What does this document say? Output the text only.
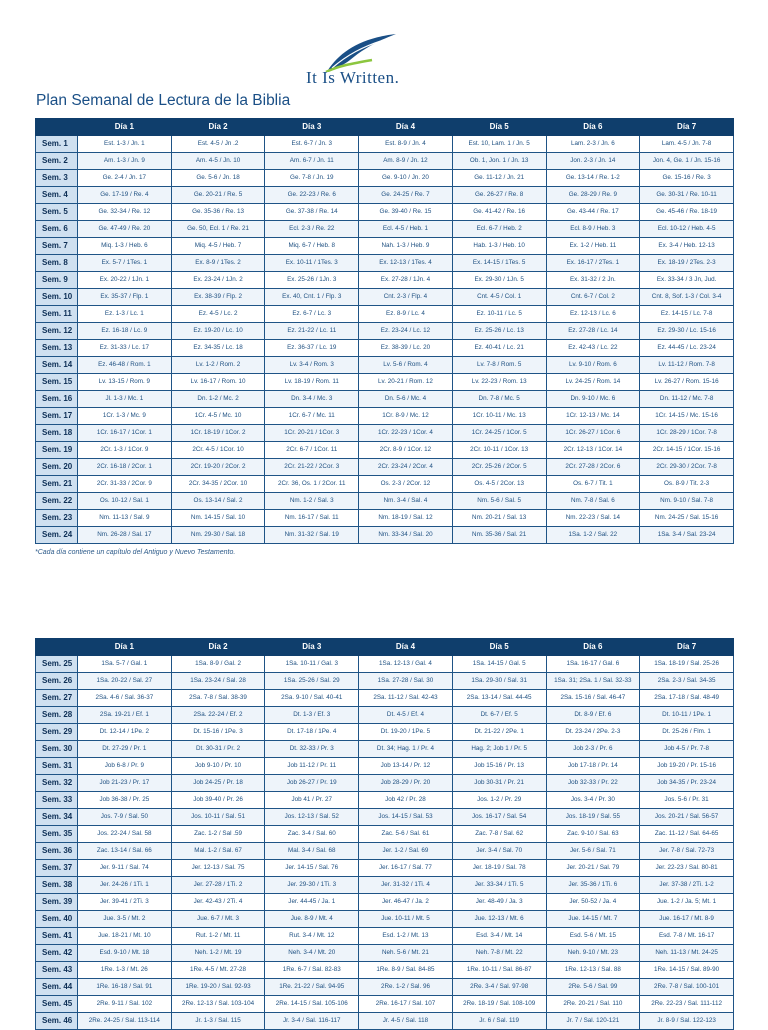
It Is Written.
Plan Semanal de Lectura de la Biblia
	Día 1	Día 2	Día 3	Día 4	Día 5	Día 6	Día 7
Sem. 1	Est. 1-3 / Jn. 1	Est. 4-5 / Jn .2	Est. 6-7 / Jn. 3	Est. 8-9 / Jn. 4	Est. 10, Lam. 1 / Jn. 5	Lam. 2-3 / Jn. 6	Lam. 4-5 / Jn. 7-8
Sem. 2	Am. 1-3 / Jn. 9	Am. 4-5 / Jn. 10	Am. 6-7 / Jn. 11	Am. 8-9 / Jn. 12	Ob. 1, Jon. 1 / Jn. 13	Jon. 2-3 / Jn. 14	Jon. 4, Ge. 1 / Jn. 15-16
Sem. 3	Ge. 2-4 / Jn. 17	Ge. 5-6 / Jn. 18	Ge. 7-8 / Jn. 19	Ge. 9-10 / Jn. 20	Ge. 11-12 / Jn. 21	Ge. 13-14 / Re. 1-2	Ge. 15-16 / Re. 3
Sem. 4	Ge. 17-19 / Re. 4	Ge. 20-21 / Re. 5	Ge. 22-23 / Re. 6	Ge. 24-25 / Re. 7	Ge. 26-27 / Re. 8	Ge. 28-29 / Re. 9	Ge. 30-31 / Re. 10-11
Sem. 5	Ge. 32-34 / Re. 12	Ge. 35-36 / Re. 13	Ge. 37-38 / Re. 14	Ge. 39-40 / Re. 15	Ge. 41-42 / Re. 16	Ge. 43-44 / Re. 17	Ge. 45-46 / Re. 18-19
Sem. 6	Ge. 47-49 / Re. 20	Ge. 50, Ecl. 1 / Re. 21	Ecl. 2-3 / Re. 22	Ecl. 4-5 / Heb. 1	Ecl. 6-7 / Heb. 2	Ecl. 8-9 / Heb. 3	Ecl. 10-12 / Heb. 4-5
Sem. 7	Miq. 1-3 / Heb. 6	Miq. 4-5 / Heb. 7	Miq. 6-7 / Heb. 8	Nah. 1-3 / Heb. 9	Hab. 1-3 / Heb. 10	Ex. 1-2 / Heb. 11	Ex. 3-4 / Heb. 12-13
Sem. 8	Ex. 5-7 / 1Tes. 1	Ex. 8-9 / 1Tes. 2	Ex. 10-11 / 1Tes. 3	Ex. 12-13 / 1Tes. 4	Ex. 14-15 / 1Tes. 5	Ex. 16-17 / 2Tes. 1	Ex. 18-19 / 2Tes. 2-3
Sem. 9	Ex. 20-22 / 1Jn. 1	Ex. 23-24 / 1Jn. 2	Ex. 25-26 / 1Jn. 3	Ex. 27-28 / 1Jn. 4	Ex. 29-30 / 1Jn. 5	Ex. 31-32 / 2 Jn.	Ex. 33-34 / 3 Jn, Jud.
Sem. 10	Ex. 35-37 / Flp. 1	Ex. 38-39 / Flp. 2	Ex. 40, Cnt. 1 / Flp. 3	Cnt. 2-3 / Flp. 4	Cnt. 4-5 / Col. 1	Cnt. 6-7 / Col. 2	Cnt. 8, Sof. 1-3 / Col. 3-4
Sem. 11	Ez. 1-3 / Lc. 1	Ez. 4-5 / Lc. 2	Ez. 6-7 / Lc. 3	Ez. 8-9 / Lc. 4	Ez. 10-11 / Lc. 5	Ez. 12-13 / Lc. 6	Ez. 14-15 / Lc. 7-8
Sem. 12	Ez. 16-18 / Lc. 9	Ez. 19-20 / Lc. 10	Ez. 21-22 / Lc. 11	Ez. 23-24 / Lc. 12	Ez. 25-26 / Lc. 13	Ez. 27-28 / Lc. 14	Ez. 29-30 / Lc. 15-16
Sem. 13	Ez. 31-33 / Lc. 17	Ez. 34-35 / Lc. 18	Ez. 36-37 / Lc. 19	Ez. 38-39 / Lc. 20	Ez. 40-41 / Lc. 21	Ez. 42-43 / Lc. 22	Ez. 44-45 / Lc. 23-24
Sem. 14	Ez. 46-48 / Rom. 1	Lv. 1-2 / Rom. 2	Lv. 3-4 / Rom. 3	Lv. 5-6 / Rom. 4	Lv. 7-8 / Rom. 5	Lv. 9-10 / Rom. 6	Lv. 11-12 / Rom. 7-8
Sem. 15	Lv. 13-15 / Rom. 9	Lv. 16-17 / Rom. 10	Lv. 18-19 / Rom. 11	Lv. 20-21 / Rom. 12	Lv. 22-23 / Rom. 13	Lv. 24-25 / Rom. 14	Lv. 26-27 / Rom. 15-16
Sem. 16	Jl. 1-3 / Mc. 1	Dn. 1-2 / Mc. 2	Dn. 3-4 / Mc. 3	Dn. 5-6 / Mc. 4	Dn. 7-8 / Mc. 5	Dn. 9-10 / Mc. 6	Dn. 11-12 / Mc. 7-8
Sem. 17	1Cr. 1-3 / Mc. 9	1Cr. 4-5 / Mc. 10	1Cr. 6-7 / Mc. 11	1Cr. 8-9 / Mc. 12	1Cr. 10-11 / Mc. 13	1Cr. 12-13 / Mc. 14	1Cr. 14-15 / Mc. 15-16
Sem. 18	1Cr. 16-17 / 1Cor. 1	1Cr. 18-19 / 1Cor. 2	1Cr. 20-21 / 1Cor. 3	1Cr. 22-23 / 1Cor. 4	1Cr. 24-25 / 1Cor. 5	1Cr. 26-27 / 1Cor. 6	1Cr. 28-29 / 1Cor. 7-8
Sem. 19	2Cr. 1-3 / 1Cor. 9	2Cr. 4-5 / 1Cor. 10	2Cr. 6-7 / 1Cor. 11	2Cr. 8-9 / 1Cor. 12	2Cr. 10-11 / 1Cor. 13	2Cr. 12-13 / 1Cor. 14	2Cr. 14-15 / 1Cor. 15-16
Sem. 20	2Cr. 16-18 / 2Cor. 1	2Cr. 19-20 / 2Cor. 2	2Cr. 21-22 / 2Cor. 3	2Cr. 23-24 / 2Cor. 4	2Cr. 25-26 / 2Cor. 5	2Cr. 27-28 / 2Cor. 6	2Cr. 29-30 / 2Cor. 7-8
Sem. 21	2Cr. 31-33 / 2Cor. 9	2Cr. 34-35 / 2Cor. 10	2Cr. 36, Os. 1 / 2Cor. 11	Os. 2-3 / 2Cor. 12	Os. 4-5 / 2Cor. 13	Os. 6-7 / Tit. 1	Os. 8-9 / Tit. 2-3
Sem. 22	Os. 10-12 / Sal. 1	Os. 13-14 / Sal. 2	Nm. 1-2 / Sal. 3	Nm. 3-4 / Sal. 4	Nm. 5-6 / Sal. 5	Nm. 7-8 / Sal. 6	Nm. 9-10 / Sal. 7-8
Sem. 23	Nm. 11-13 / Sal. 9	Nm. 14-15 / Sal. 10	Nm. 16-17 / Sal. 11	Nm. 18-19 / Sal. 12	Nm. 20-21 / Sal. 13	Nm. 22-23 / Sal. 14	Nm. 24-25 / Sal. 15-16
Sem. 24	Nm. 26-28 / Sal. 17	Nm. 29-30 / Sal. 18	Nm. 31-32 / Sal. 19	Nm. 33-34 / Sal. 20	Nm. 35-36 / Sal. 21	1Sa. 1-2 / Sal. 22	1Sa. 3-4 / Sal. 23-24
*Cada día contiene un capítulo del Antiguo y Nuevo Testamento.
	Día 1	Día 2	Día 3	Día 4	Día 5	Día 6	Día 7
Sem. 25	1Sa. 5-7 / Gal. 1	1Sa. 8-9 / Gal. 2	1Sa. 10-11 / Gal. 3	1Sa. 12-13 / Gal. 4	1Sa. 14-15 / Gal. 5	1Sa. 16-17 / Gal. 6	1Sa. 18-19 / Sal. 25-26
Sem. 26	1Sa. 20-22 / Sal. 27	1Sa. 23-24 / Sal. 28	1Sa. 25-26 / Sal. 29	1Sa. 27-28 / Sal. 30	1Sa. 29-30 / Sal. 31	1Sa. 31; 2Sa. 1 / Sal. 32-33	2Sa. 2-3 / Sal. 34-35
Sem. 27	2Sa. 4-6 / Sal. 36-37	2Sa. 7-8 / Sal. 38-39	2Sa. 9-10 / Sal. 40-41	2Sa. 11-12 / Sal. 42-43	2Sa. 13-14 / Sal. 44-45	2Sa. 15-16 / Sal. 46-47	2Sa. 17-18 / Sal. 48-49
Sem. 28	2Sa. 19-21 / Ef. 1	2Sa. 22-24 / Ef. 2	Dt. 1-3 / Ef. 3	Dt. 4-5 / Ef. 4	Dt. 6-7 / Ef. 5	Dt. 8-9 / Ef. 6	Dt. 10-11 / 1Pe. 1
Sem. 29	Dt. 12-14 / 1Pe. 2	Dt. 15-16 / 1Pe. 3	Dt. 17-18 / 1Pe. 4	Dt. 19-20 / 1Pe. 5	Dt. 21-22 / 2Pe. 1	Dt. 23-24 / 2Pe. 2-3	Dt. 25-26 / Flm. 1
Sem. 30	Dt. 27-29 / Pr. 1	Dt. 30-31 / Pr. 2	Dt. 32-33 / Pr. 3	Dt. 34; Hag. 1 / Pr. 4	Hag. 2; Job 1 / Pr. 5	Job 2-3 / Pr. 6	Job 4-5 / Pr. 7-8
Sem. 31	Job 6-8 / Pr. 9	Job 9-10 / Pr. 10	Job 11-12 / Pr. 11	Job 13-14 / Pr. 12	Job 15-16 / Pr. 13	Job 17-18 / Pr. 14	Job 19-20 / Pr. 15-16
Sem. 32	Job 21-23 / Pr. 17	Job 24-25 / Pr. 18	Job 26-27 / Pr. 19	Job 28-29 / Pr. 20	Job 30-31 / Pr. 21	Job 32-33 / Pr. 22	Job 34-35 / Pr. 23-24
Sem. 33	Job 36-38 / Pr. 25	Job 39-40 / Pr. 26	Job 41 / Pr. 27	Job 42 / Pr. 28	Jos. 1-2 / Pr. 29	Jos. 3-4 / Pr. 30	Jos. 5-6 / Pr. 31
Sem. 34	Jos. 7-9 / Sal. 50	Jos. 10-11 / Sal. 51	Jos. 12-13 / Sal. 52	Jos. 14-15 / Sal. 53	Jos. 16-17 / Sal. 54	Jos. 18-19 / Sal. 55	Jos. 20-21 / Sal. 56-57
Sem. 35	Jos. 22-24 / Sal. 58	Zac. 1-2 / Sal .59	Zac. 3-4 / Sal. 60	Zac. 5-6 / Sal. 61	Zac. 7-8 / Sal. 62	Zac. 9-10 / Sal. 63	Zac. 11-12 / Sal. 64-65
Sem. 36	Zac. 13-14 / Sal. 66	Mal. 1-2 / Sal. 67	Mal. 3-4 / Sal. 68	Jer. 1-2 / Sal. 69	Jer. 3-4 / Sal. 70	Jer. 5-6 / Sal. 71	Jer. 7-8 / Sal. 72-73
Sem. 37	Jer. 9-11 / Sal. 74	Jer. 12-13 / Sal. 75	Jer. 14-15 / Sal. 76	Jer. 16-17 / Sal. 77	Jer. 18-19 / Sal. 78	Jer. 20-21 / Sal. 79	Jer. 22-23 / Sal. 80-81
Sem. 38	Jer. 24-26 / 1Ti. 1	Jer. 27-28 / 1Ti. 2	Jer. 29-30 / 1Ti. 3	Jer. 31-32 / 1Ti. 4	Jer. 33-34 / 1Ti. 5	Jer. 35-36 / 1Ti. 6	Jer. 37-38 / 2Ti. 1-2
Sem. 39	Jer. 39-41 / 2Ti. 3	Jer. 42-43 / 2Ti. 4	Jer. 44-45 / Ja. 1	Jer. 46-47 / Ja. 2	Jer. 48-49 / Ja. 3	Jer. 50-52 / Ja. 4	Jue. 1-2 / Ja. 5; Mt. 1
Sem. 40	Jue. 3-5 / Mt. 2	Jue. 6-7 / Mt. 3	Jue. 8-9 / Mt. 4	Jue. 10-11 / Mt. 5	Jue. 12-13 / Mt. 6	Jue. 14-15 / Mt. 7	Jue. 16-17 / Mt. 8-9
Sem. 41	Jue. 18-21 / Mt. 10	Rut. 1-2 / Mt. 11	Rut. 3-4 / Mt. 12	Esd. 1-2 / Mt. 13	Esd. 3-4 / Mt. 14	Esd. 5-6 / Mt. 15	Esd. 7-8 / Mt. 16-17
Sem. 42	Esd. 9-10 / Mt. 18	Neh. 1-2 / Mt. 19	Neh. 3-4 / Mt. 20	Neh. 5-6 / Mt. 21	Neh. 7-8 / Mt. 22	Neh. 9-10 / Mt. 23	Neh. 11-13 / Mt. 24-25
Sem. 43	1Re. 1-3 / Mt. 26	1Re. 4-5 / Mt. 27-28	1Re. 6-7 / Sal. 82-83	1Re. 8-9 / Sal. 84-85	1Re. 10-11 / Sal. 86-87	1Re. 12-13 / Sal. 88	1Re. 14-15 / Sal. 89-90
Sem. 44	1Re. 16-18 / Sal. 91	1Re. 19-20 / Sal. 92-93	1Re. 21-22 / Sal. 94-95	2Re. 1-2 / Sal. 96	2Re. 3-4 / Sal. 97-98	2Re. 5-6 / Sal. 99	2Re. 7-8 / Sal. 100-101
Sem. 45	2Re. 9-11 / Sal. 102	2Re. 12-13 / Sal. 103-104	2Re. 14-15 / Sal. 105-106	2Re. 16-17 / Sal. 107	2Re. 18-19 / Sal. 108-109	2Re. 20-21 / Sal. 110	2Re. 22-23 / Sal. 111-112
Sem. 46	2Re. 24-25 / Sal. 113-114	Jr. 1-3 / Sal. 115	Jr. 3-4 / Sal. 116-117	Jr. 4-5 / Sal. 118	Jr. 6 / Sal. 119	Jr. 7 / Sal. 120-121	Jr. 8-9 / Sal. 122-123
